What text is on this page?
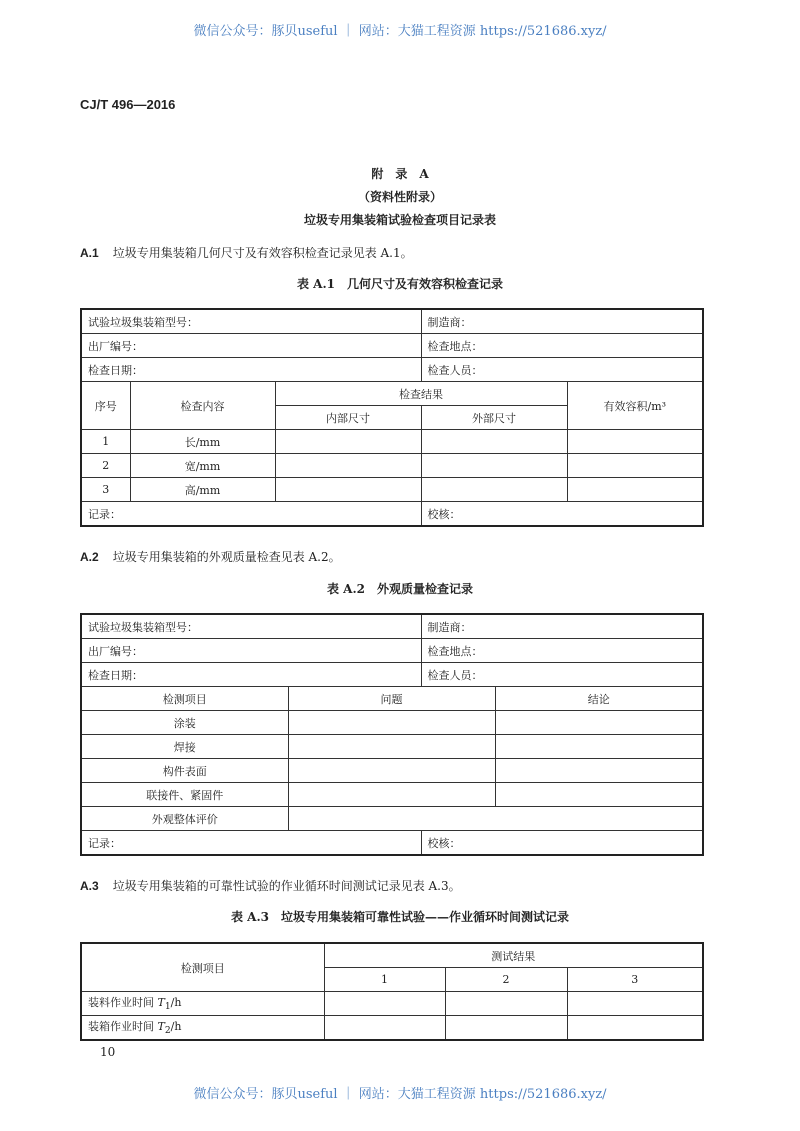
微信公众号：豚贝useful ｜ 网站：大猫工程资源 https://521686.xyz/
CJ/T 496—2016
附　录　A
（资料性附录）
垃圾专用集装箱试验检查项目记录表
A.1 垃圾专用集装箱几何尺寸及有效容积检查记录见表 A.1。
表 A.1　几何尺寸及有效容积检查记录
试验垃圾集装箱型号：			制造商：	
出厂编号：			检查地点：	
检查日期：			检查人员：	
序号	检查内容	检查结果		有效容积/m³
		内部尺寸	外部尺寸	
1	长/mm			
2	宽/mm			
3	高/mm			
记录：			校核：	
A.2 垃圾专用集装箱的外观质量检查见表 A.2。
表 A.2　外观质量检查记录
试验垃圾集装箱型号：		制造商：	
出厂编号：		检查地点：	
检查日期：		检查人员：	
检测项目	问题		结论
涂装			
焊接			
构件表面			
联接件、紧固件			
外观整体评价			
记录：		校核：	
A.3 垃圾专用集装箱的可靠性试验的作业循环时间测试记录见表 A.3。
表 A.3　垃圾专用集装箱可靠性试验——作业循环时间测试记录
检测项目	测试结果		
	1	2	3
装料作业时间 $T_1/h$			
装箱作业时间 $T_2/h$			
10
微信公众号：豚贝useful ｜ 网站：大猫工程资源 https://521686.xyz/
